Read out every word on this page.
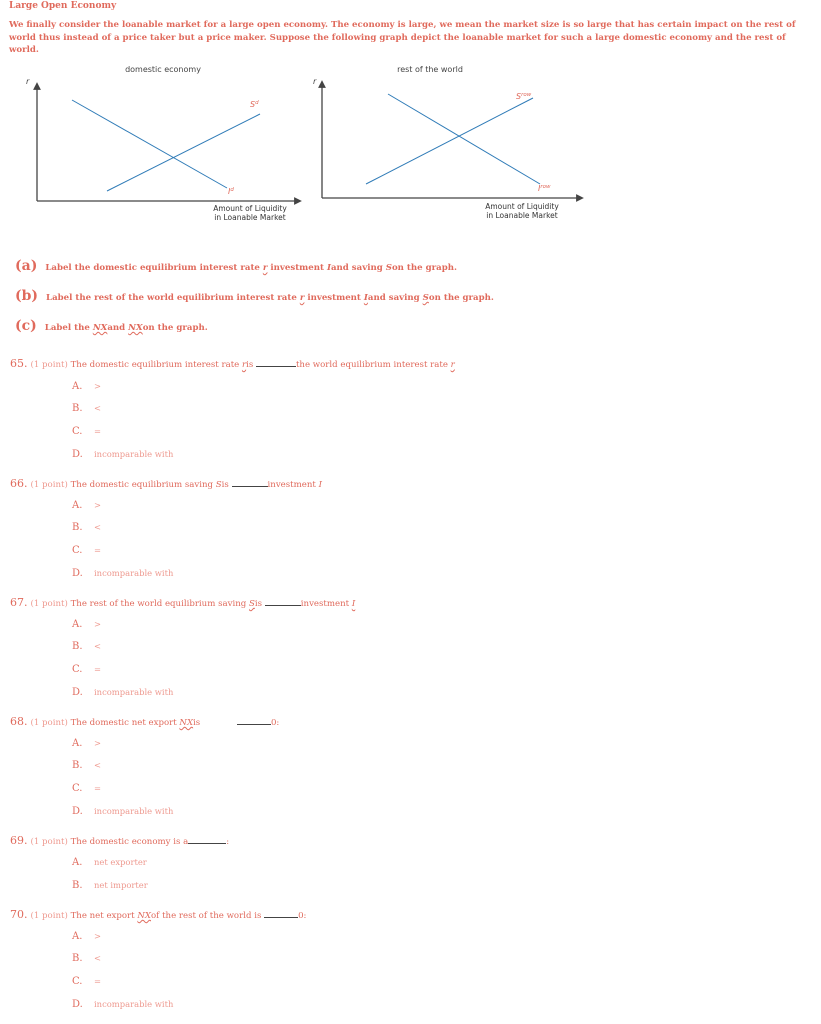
Large Open Economy
We finally consider the loanable market for a large open economy. The economy is large, we mean the market size is so large that has certain impact on the rest of world thus instead of a price taker but a price maker. Suppose the following graph depict the loanable market for such a large domestic economy and the rest of world.
domestic economy
r
$S^d$
$I^d$
Amount of Liquidity
in Loanable Market
rest of the world
r
$S^{row}$
$I^{row}$
Amount of Liquidity
in Loanable Market
(a) Label the domestic equilibrium interest rate r investment Iand saving Son the graph.
(b) Label the rest of the world equilibrium interest rate r investment Iand saving Son the graph.
(c) Label the NXand NXon the graph.
65. (1 point) The domestic equilibrium interest rate ris	the world equilibrium interest rate r
A. >
B. <
C. =
D. incomparable with
66. (1 point) The domestic equilibrium saving Sis	investment I
A. >
B. <
C. =
D. incomparable with
67. (1 point) The rest of the world equilibrium saving Sis	investment I
A. >
B. <
C. =
D. incomparable with
68. (1 point) The domestic net export NXis	0:
A. >
B. <
C. =
D. incomparable with
69. (1 point) The domestic economy is a	:
A. net exporter
B. net importer
70. (1 point) The net export NXof the rest of the world is	0:
A. >
B. <
C. =
D. incomparable with
